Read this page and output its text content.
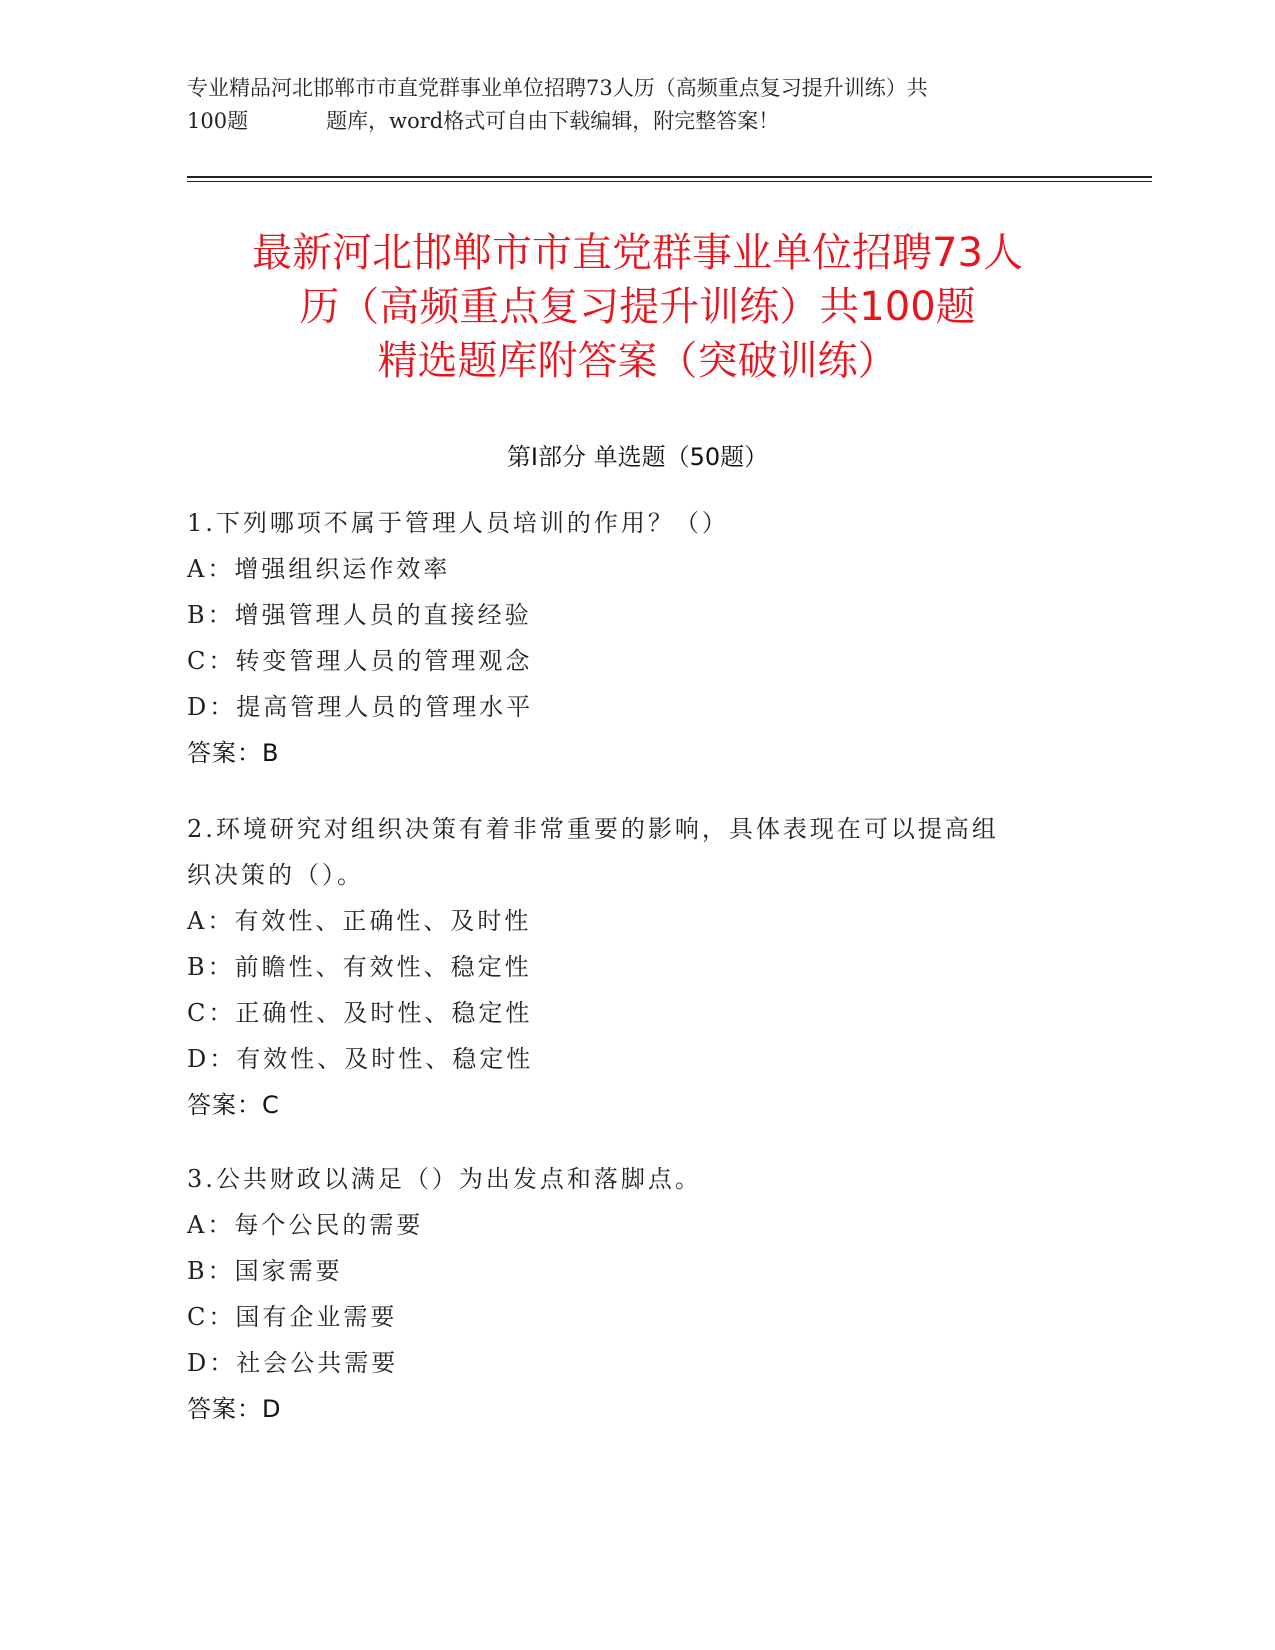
专业精品河北邯郸市市直党群事业单位招聘73人历（高频重点复习提升训练）共
100题	题库，word格式可自由下载编辑，附完整答案！
最新河北邯郸市市直党群事业单位招聘73人
历（高频重点复习提升训练）共100题
精选题库附答案（突破训练）
第Ⅰ部分 单选题（50题）
1.下列哪项不属于管理人员培训的作用？（）
A：增强组织运作效率
B：增强管理人员的直接经验
C：转变管理人员的管理观念
D：提高管理人员的管理水平
答案：B
2.环境研究对组织决策有着非常重要的影响，具体表现在可以提高组
织决策的（）。
A：有效性、正确性、及时性
B：前瞻性、有效性、稳定性
C：正确性、及时性、稳定性
D：有效性、及时性、稳定性
答案：C
3.公共财政以满足（）为出发点和落脚点。
A：每个公民的需要
B：国家需要
C：国有企业需要
D：社会公共需要
答案：D
